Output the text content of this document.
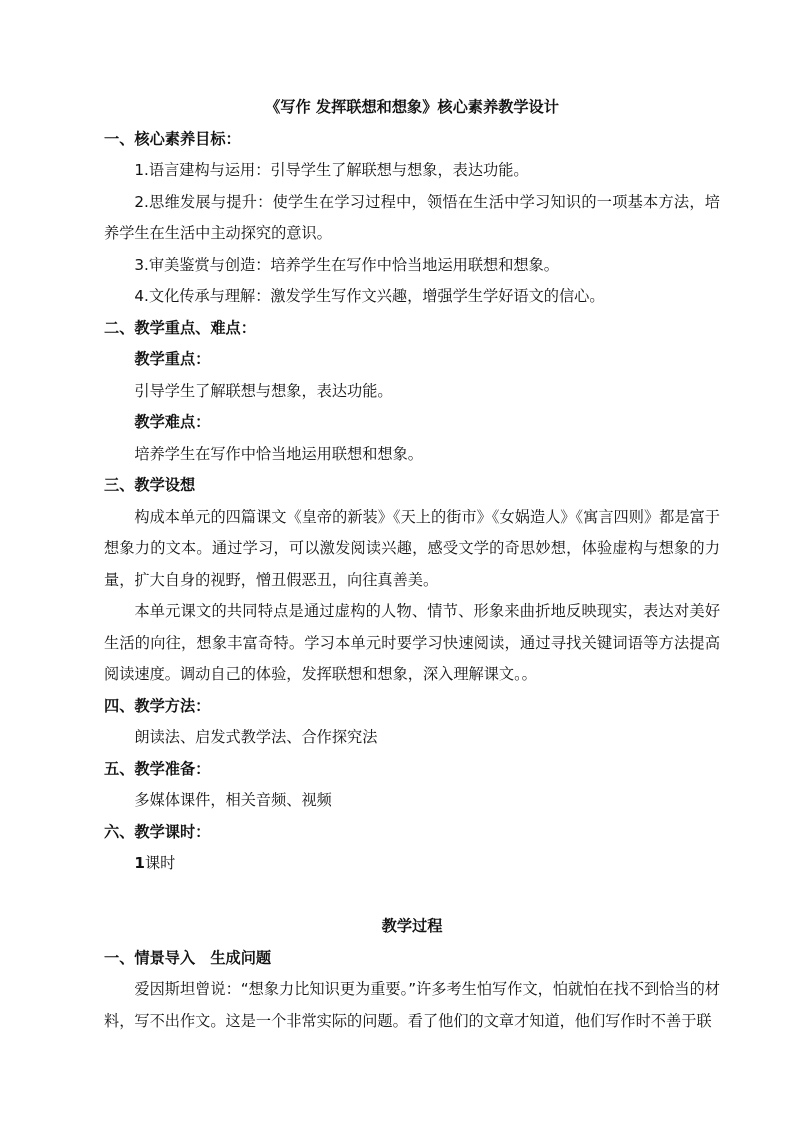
《写作 发挥联想和想象》核心素养教学设计

一、核心素养目标：

1.语言建构与运用：引导学生了解联想与想象，表达功能。

2.思维发展与提升：使学生在学习过程中，领悟在生活中学习知识的一项基本方法，培养学生在生活中主动探究的意识。

3.审美鉴赏与创造：培养学生在写作中恰当地运用联想和想象。

4.文化传承与理解：激发学生写作文兴趣，增强学生学好语文的信心。

二、教学重点、难点：

教学重点：

引导学生了解联想与想象，表达功能。

教学难点：

培养学生在写作中恰当地运用联想和想象。

三、教学设想

构成本单元的四篇课文《皇帝的新装》《天上的街市》《女娲造人》《寓言四则》都是富于想象力的文本。通过学习，可以激发阅读兴趣，感受文学的奇思妙想，体验虚构与想象的力量，扩大自身的视野，憎丑假恶丑，向往真善美。

本单元课文的共同特点是通过虚构的人物、情节、形象来曲折地反映现实，表达对美好生活的向往，想象丰富奇特。学习本单元时要学习快速阅读，通过寻找关键词语等方法提高阅读速度。调动自己的体验，发挥联想和想象，深入理解课文。。

四、教学方法：

朗读法、启发式教学法、合作探究法

五、教学准备：

多媒体课件，相关音频、视频

六、教学课时：

1课时

教学过程

一、情景导入　生成问题

爱因斯坦曾说：“想象力比知识更为重要。”许多考生怕写作文，怕就怕在找不到恰当的材料，写不出作文。这是一个非常实际的问题。看了他们的文章才知道，他们写作时不善于联
